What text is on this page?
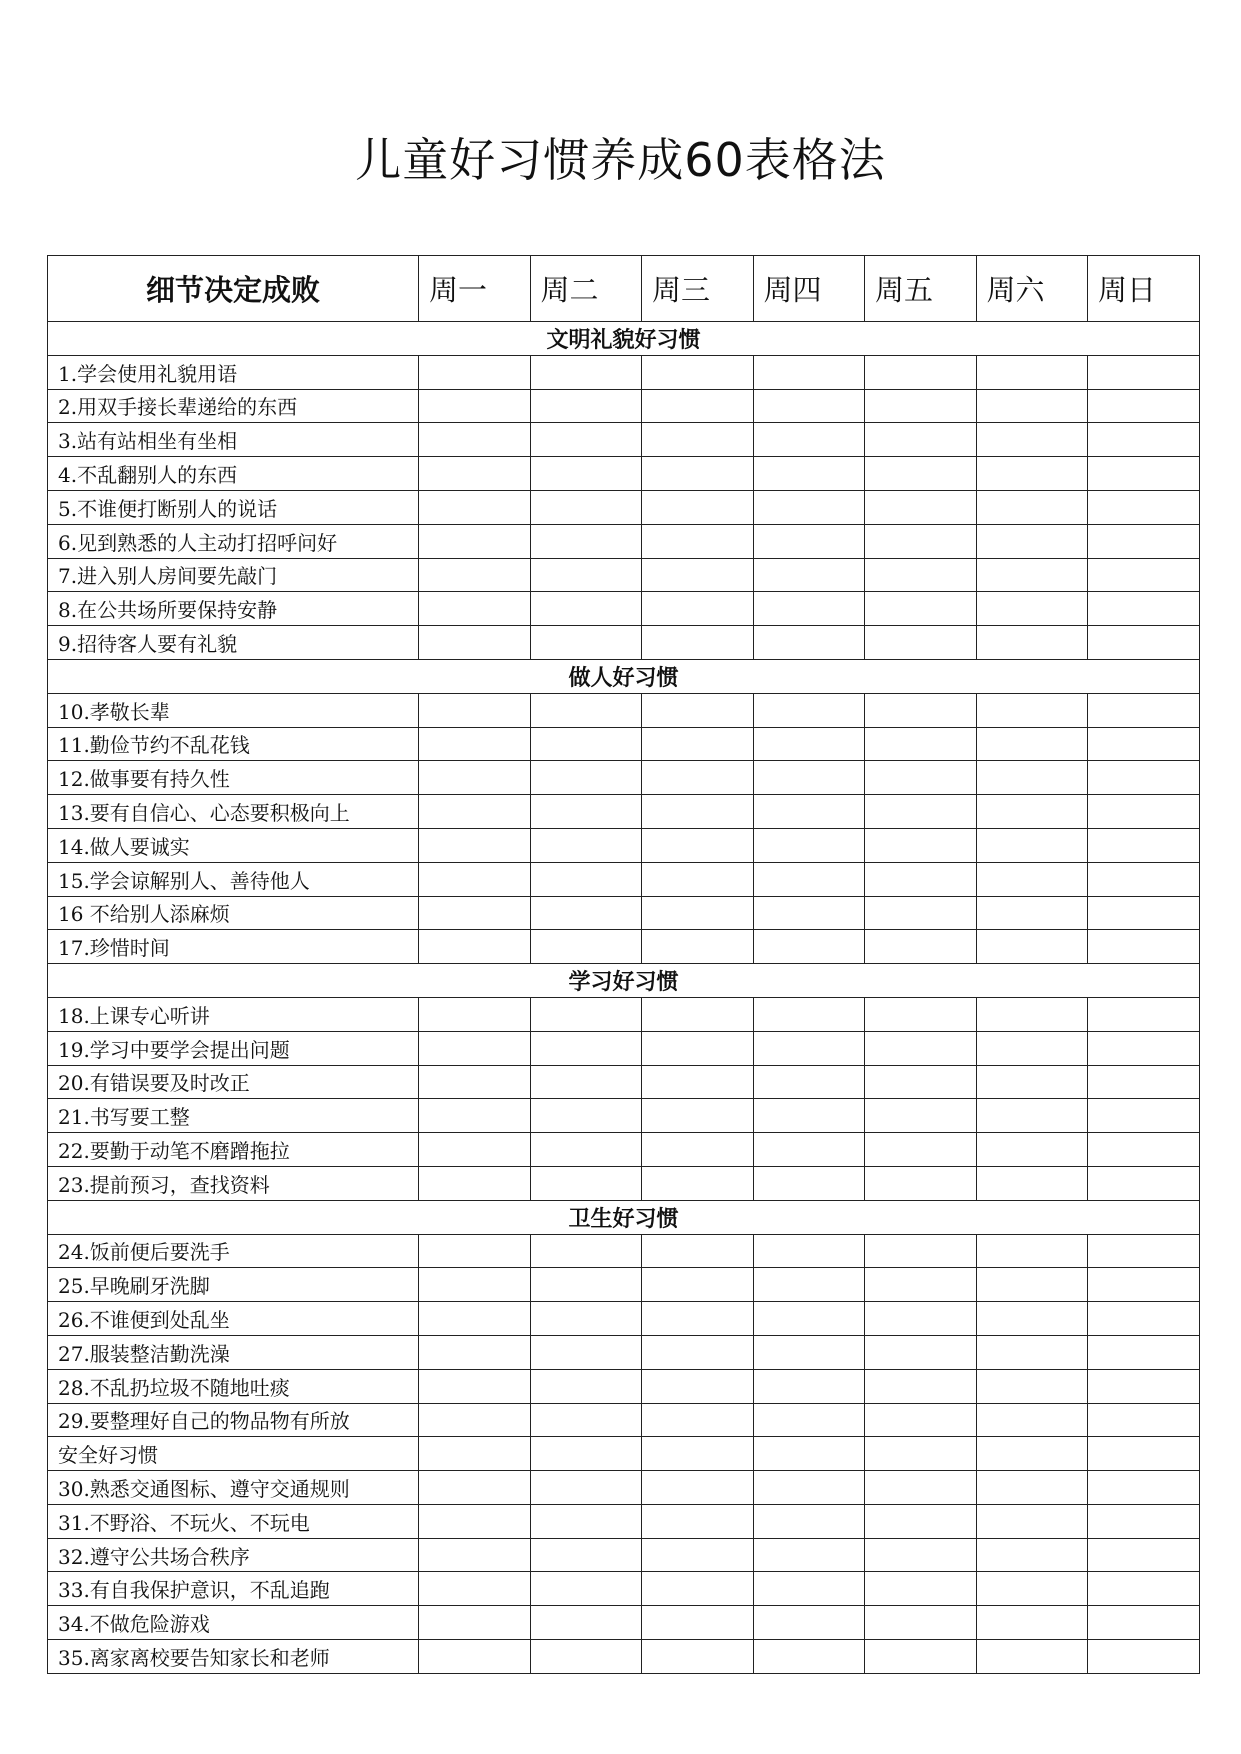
儿童好习惯养成60表格法
细节决定成败	周一	周二	周三	周四	周五	周六	周日
文明礼貌好习惯							
1.学会使用礼貌用语							
2.用双手接长辈递给的东西							
3.站有站相坐有坐相							
4.不乱翻别人的东西							
5.不谁便打断别人的说话							
6.见到熟悉的人主动打招呼问好							
7.进入别人房间要先敲门							
8.在公共场所要保持安静							
9.招待客人要有礼貌							
做人好习惯							
10.孝敬长辈							
11.勤俭节约不乱花钱							
12.做事要有持久性							
13.要有自信心、心态要积极向上							
14.做人要诚实							
15.学会谅解别人、善待他人							
16 不给别人添麻烦							
17.珍惜时间							
学习好习惯							
18.上课专心听讲							
19.学习中要学会提出问题							
20.有错误要及时改正							
21.书写要工整							
22.要勤于动笔不磨蹭拖拉							
23.提前预习，查找资料							
卫生好习惯							
24.饭前便后要洗手							
25.早晚刷牙洗脚							
26.不谁便到处乱坐							
27.服装整洁勤洗澡							
28.不乱扔垃圾不随地吐痰							
29.要整理好自己的物品物有所放							
安全好习惯							
30.熟悉交通图标、遵守交通规则							
31.不野浴、不玩火、不玩电							
32.遵守公共场合秩序							
33.有自我保护意识，不乱追跑							
34.不做危险游戏							
35.离家离校要告知家长和老师							
